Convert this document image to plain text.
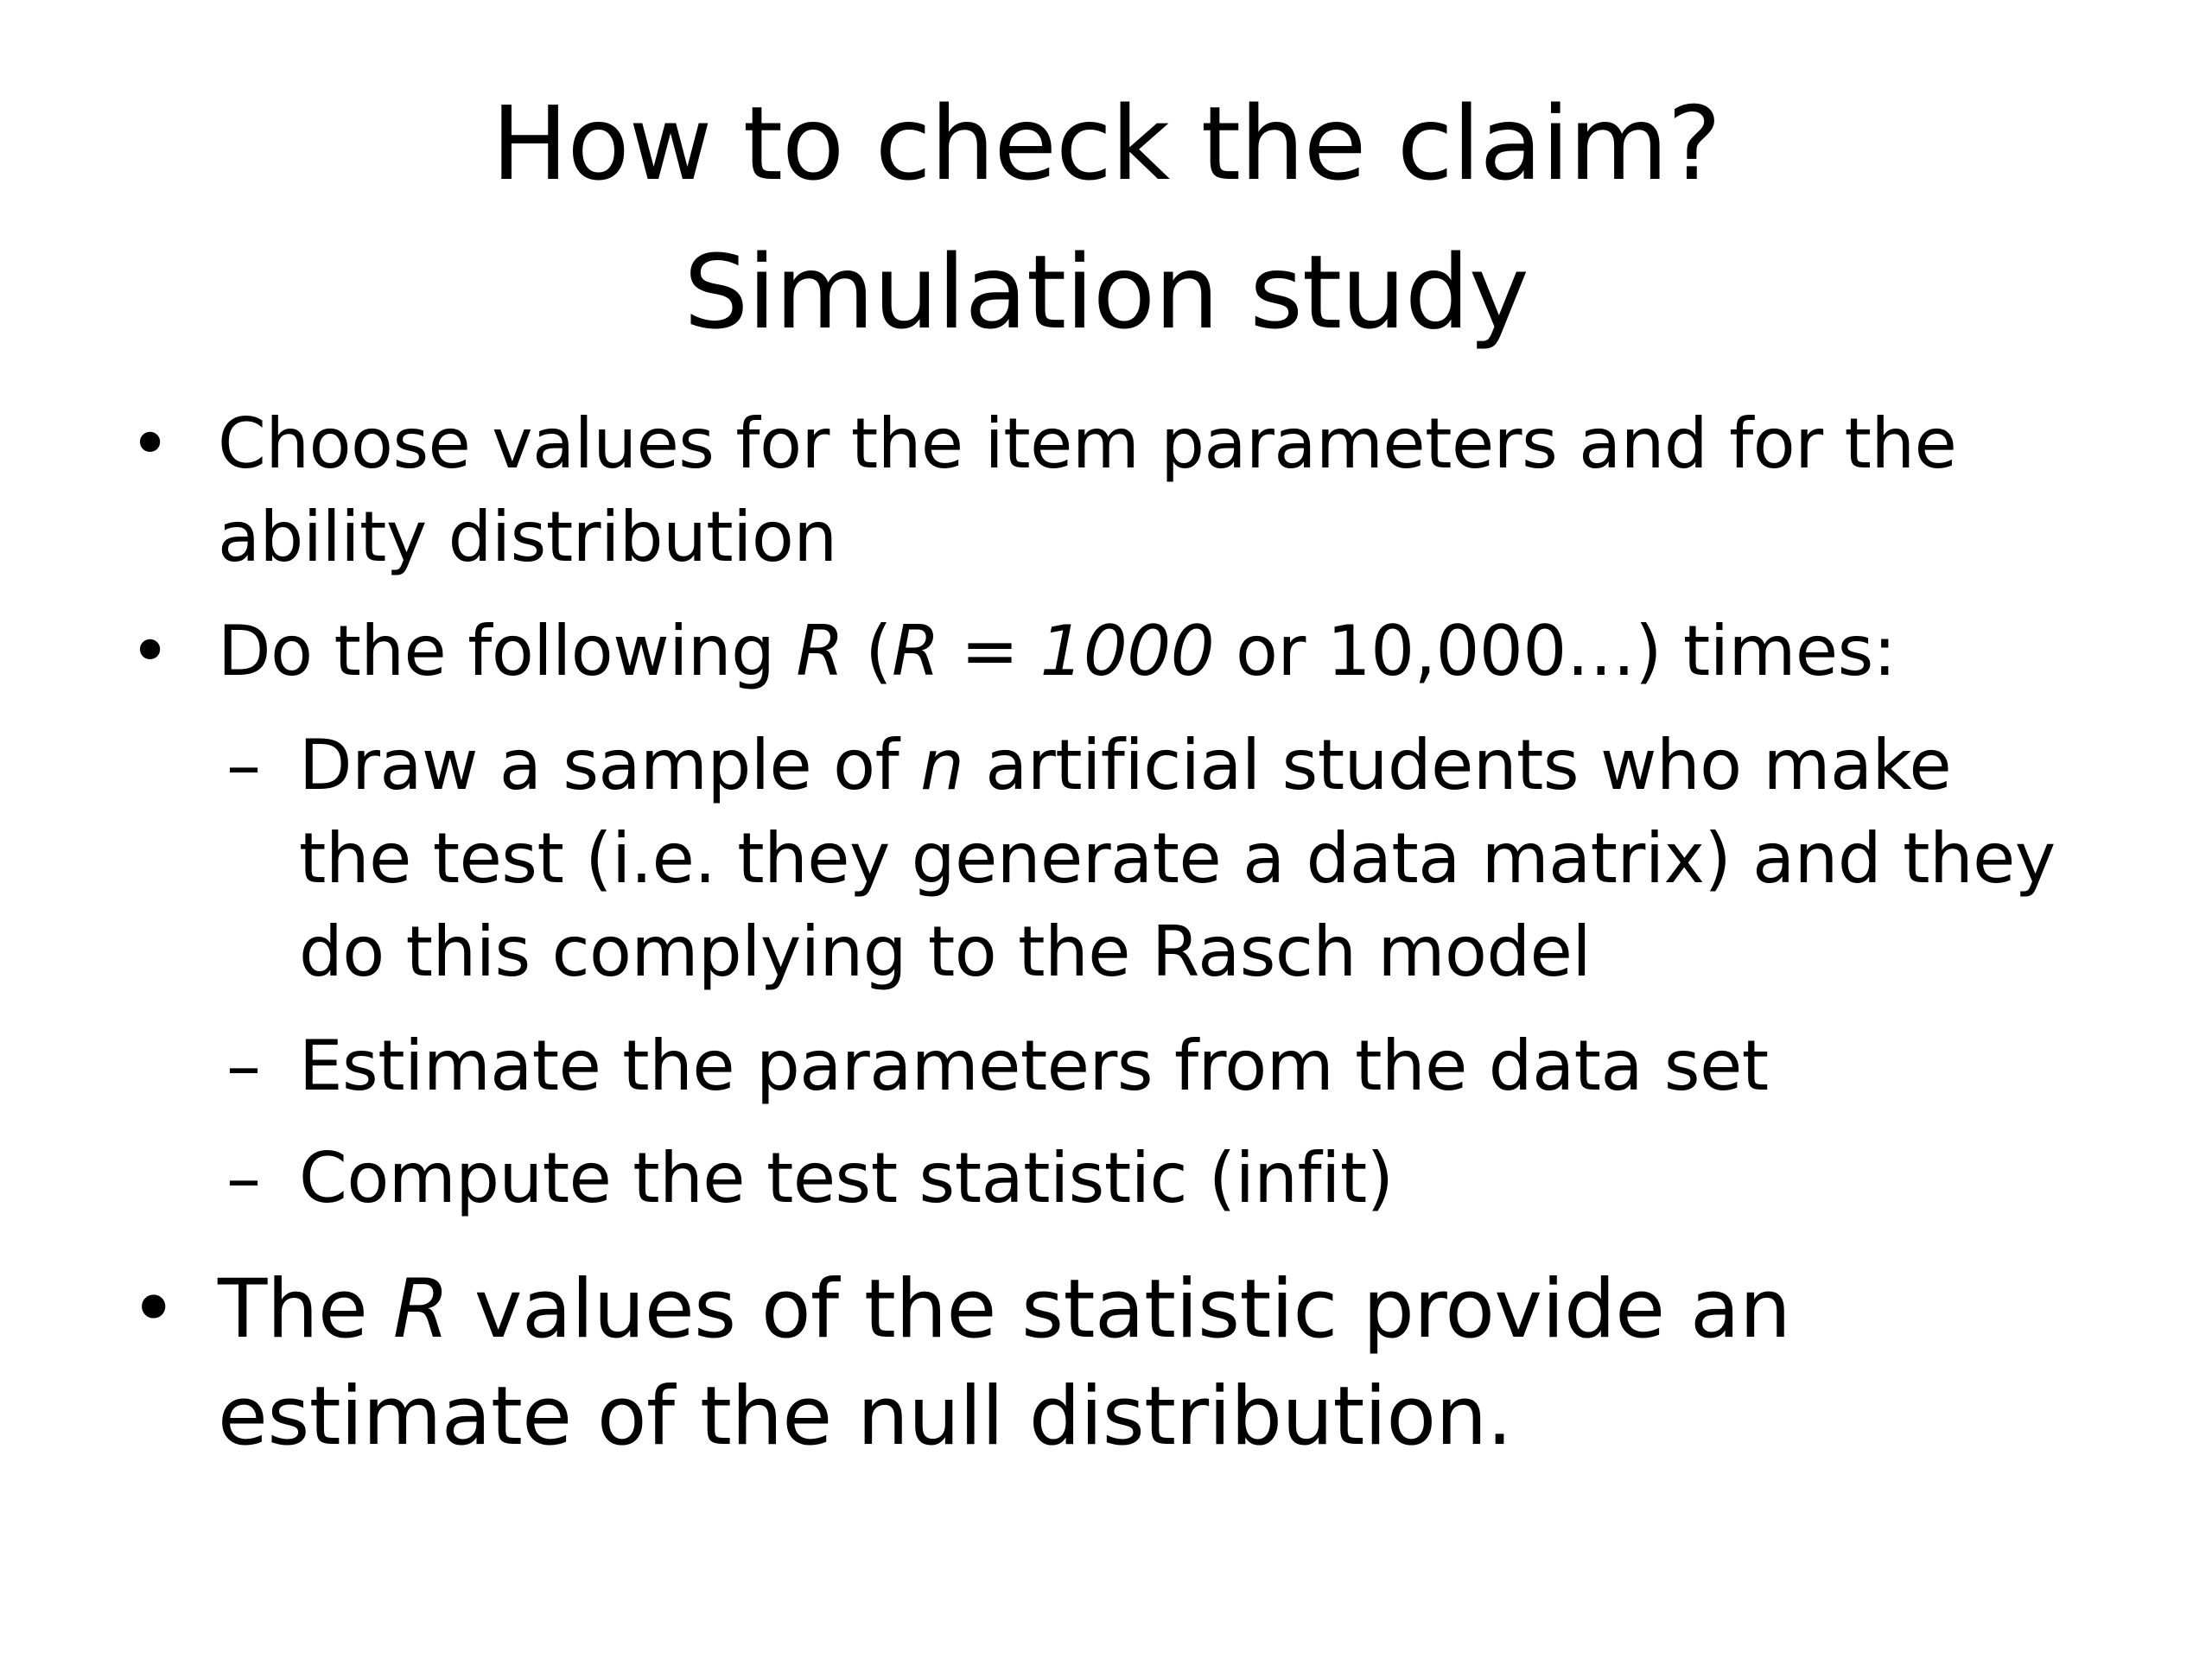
How to check the claim?
Simulation study
• Choose values for the item parameters and for the
ability distribution
• Do the following R (R = 1000 or 10,000…) times:
– Draw a sample of n artificial students who make
the test (i.e. they generate a data matrix) and they
do this complying to the Rasch model
– Estimate the parameters from the data set
– Compute the test statistic (infit)
• The R values of the statistic provide an
estimate of the null distribution.
